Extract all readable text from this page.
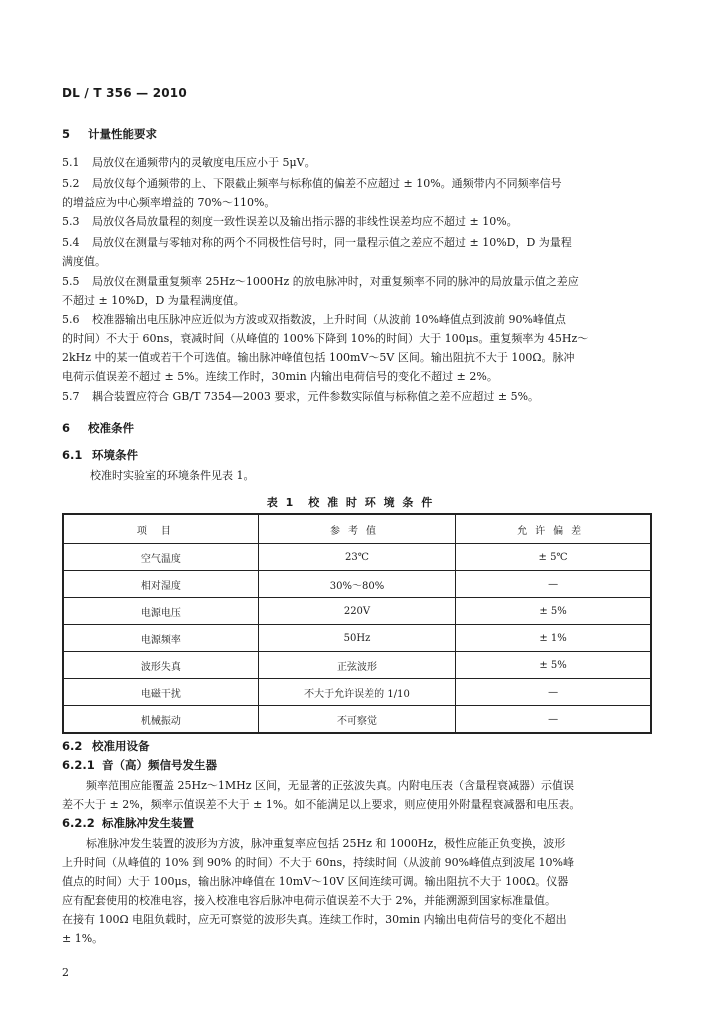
DL / T 356 — 2010
5 计量性能要求
5.1 局放仪在通频带内的灵敏度电压应小于 5μV。
5.2 局放仪每个通频带的上、下限截止频率与标称值的偏差不应超过 ± 10%。通频带内不同频率信号
的增益应为中心频率增益的 70%～110%。
5.3 局放仪各局放量程的刻度一致性误差以及输出指示器的非线性误差均应不超过 ± 10%。
5.4 局放仪在测量与零轴对称的两个不同极性信号时，同一量程示值之差应不超过 ± 10%D，D 为量程
满度值。
5.5 局放仪在测量重复频率 25Hz～1000Hz 的放电脉冲时，对重复频率不同的脉冲的局放量示值之差应
不超过 ± 10%D，D 为量程满度值。
5.6 校准器输出电压脉冲应近似为方波或双指数波，上升时间（从波前 10%峰值点到波前 90%峰值点
的时间）不大于 60ns，衰减时间（从峰值的 100%下降到 10%的时间）大于 100μs。重复频率为 45Hz～
2kHz 中的某一值或若干个可选值。输出脉冲峰值包括 100mV～5V 区间。输出阻抗不大于 100Ω。脉冲
电荷示值误差不超过 ± 5%。连续工作时，30min 内输出电荷信号的变化不超过 ± 2%。
5.7 耦合装置应符合 GB/T 7354—2003 要求，元件参数实际值与标称值之差不应超过 ± 5%。
6 校准条件
6.1 环境条件
校准时实验室的环境条件见表 1。
表 1　校 准 时 环 境 条 件
项目	参考值	允许偏差
空气温度	23℃	± 5℃
相对湿度	30%～80%	—
电源电压	220V	± 5%
电源频率	50Hz	± 1%
波形失真	正弦波形	± 5%
电磁干扰	不大于允许误差的 1/10	—
机械振动	不可察觉	—
6.2 校准用设备
6.2.1 音（高）频信号发生器
频率范围应能覆盖 25Hz～1MHz 区间，无显著的正弦波失真。内附电压表（含量程衰减器）示值误
差不大于 ± 2%，频率示值误差不大于 ± 1%。如不能满足以上要求，则应使用外附量程衰减器和电压表。
6.2.2 标准脉冲发生装置
标准脉冲发生装置的波形为方波，脉冲重复率应包括 25Hz 和 1000Hz，极性应能正负变换，波形
上升时间（从峰值的 10% 到 90% 的时间）不大于 60ns，持续时间（从波前 90%峰值点到波尾 10%峰
值点的时间）大于 100μs，输出脉冲峰值在 10mV～10V 区间连续可调。输出阻抗不大于 100Ω。仪器
应有配套使用的校准电容，接入校准电容后脉冲电荷示值误差不大于 2%，并能溯源到国家标准量值。
在接有 100Ω 电阻负载时，应无可察觉的波形失真。连续工作时，30min 内输出电荷信号的变化不超出
± 1%。
2
